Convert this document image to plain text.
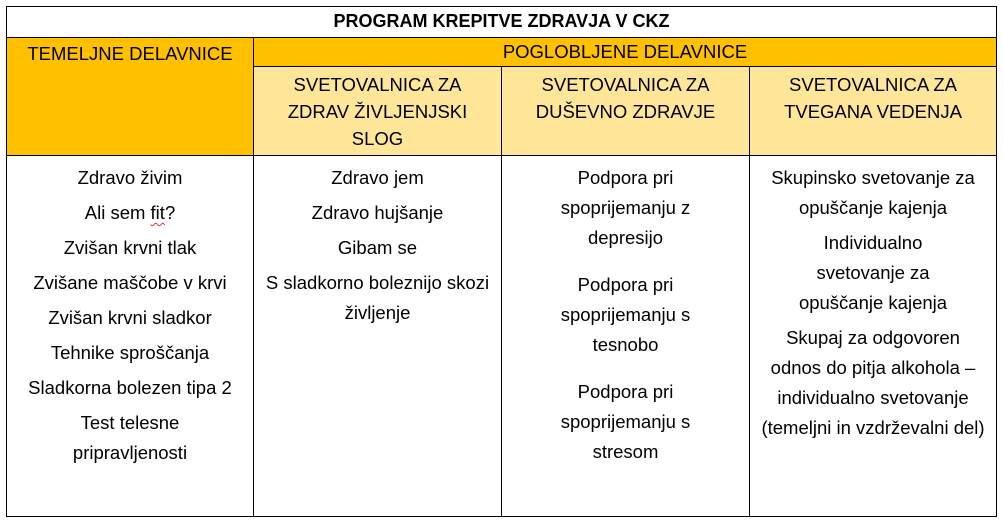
PROGRAM KREPITVE ZDRAVJA V CKZ
TEMELJNE DELAVNICE	POGLOBLJENE DELAVNICE
SVETOVALNICA ZA ZDRAV ŽIVLJENJSKI SLOG
SVETOVALNICA ZA DUŠEVNO ZDRAVJE
SVETOVALNICA ZA TVEGANA VEDENJA

Zdravo živim

Ali sem fit?

Zvišan krvni tlak

Zvišane maščobe v krvi

Zvišan krvni sladkor

Tehnike sproščanja

Sladkorna bolezen tipa 2

Test telesne pripravljenosti

Zdravo jem

Zdravo hujšanje

Gibam se

S sladkorno boleznijo skozi življenje

Podpora pri spoprijemanju z depresijo

Podpora pri spoprijemanju s tesnobo

Podpora pri spoprijemanju s stresom

Skupinsko svetovanje za opuščanje kajenja

Individualno svetovanje za opuščanje kajenja

Skupaj za odgovoren odnos do pitja alkohola – individualno svetovanje (temeljni in vzdrževalni del)
